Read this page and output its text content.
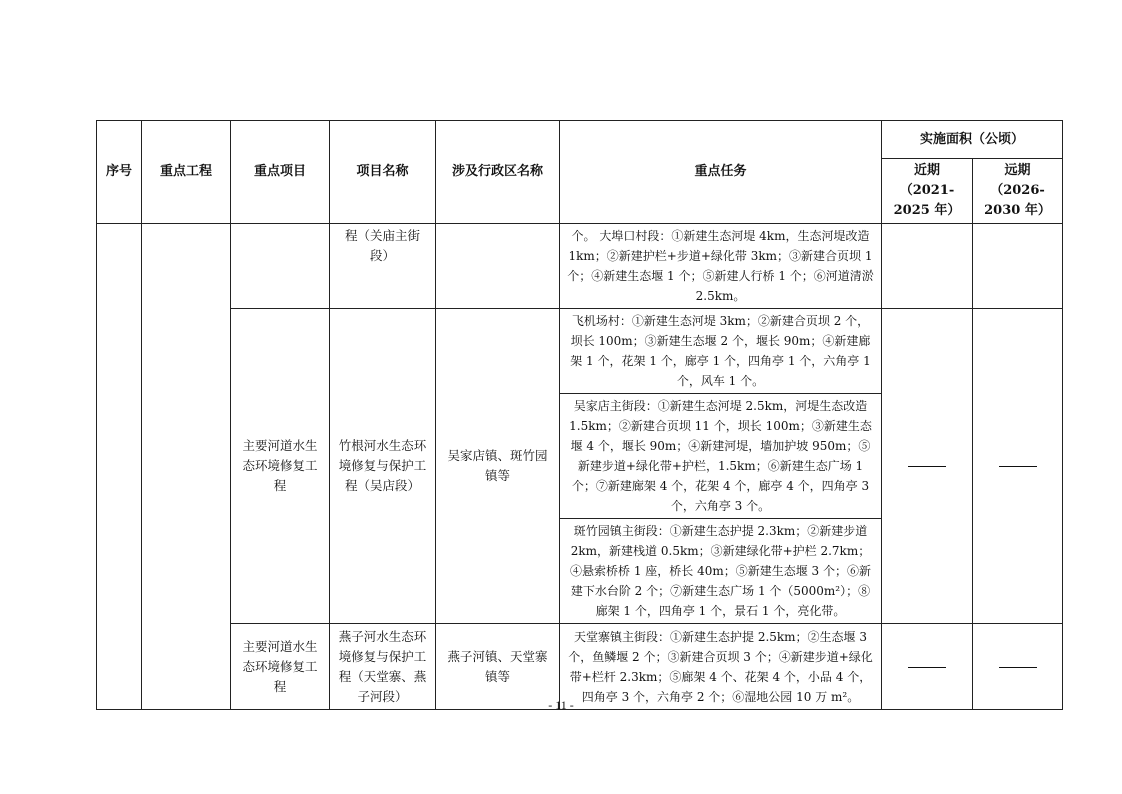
序号	重点工程	重点项目	项目名称	涉及行政区名称	重点任务	实施面积（公顷）	
						近期（2021-2025 年）	远期（2026-2030 年）
			程（关庙主街段）		个。 大埠口村段：①新建生态河堤 4km，生态河堤改造 1km；②新建护栏+步道+绿化带 3km；③新建合页坝 1 个；④新建生态堰 1 个；⑤新建人行桥 1 个；⑥河道清淤 2.5km。		
		主要河道水生态环境修复工程	竹根河水生态环境修复与保护工程（吴店段）	吴家店镇、斑竹园镇等	飞机场村：①新建生态河堤 3km；②新建合页坝 2 个，坝长 100m；③新建生态堰 2 个，堰长 90m；④新建廊架 1 个，花架 1 个，廊亭 1 个，四角亭 1 个，六角亭 1 个，风车 1 个。		
					吴家店主街段：①新建生态河堤 2.5km，河堤生态改造 1.5km；②新建合页坝 11 个，坝长 100m；③新建生态堰 4 个，堰长 90m；④新建河堤，墙加护坡 950m；⑤新建步道+绿化带+护栏，1.5km；⑥新建生态广场 1 个；⑦新建廊架 4 个，花架 4 个，廊亭 4 个，四角亭 3 个，六角亭 3 个。		
					斑竹园镇主街段：①新建生态护提 2.3km；②新建步道 2km，新建栈道 0.5km；③新建绿化带+护栏 2.7km；④悬索桥桥 1 座，桥长 40m；⑤新建生态堰 3 个；⑥新建下水台阶 2 个；⑦新建生态广场 1 个（5000m²）；⑧廊架 1 个，四角亭 1 个，景石 1 个，亮化带。		
		主要河道水生态环境修复工程	燕子河水生态环境修复与保护工程（天堂寨、燕子河段）	燕子河镇、天堂寨镇等	天堂寨镇主街段：①新建生态护提 2.5km；②生态堰 3 个，鱼鳞堰 2 个；③新建合页坝 3 个；④新建步道+绿化带+栏杆 2.3km；⑤廊架 4 个、花架 4 个，小品 4 个，四角亭 3 个，六角亭 2 个；⑥湿地公园 10 万 m²。		
- 11 -
